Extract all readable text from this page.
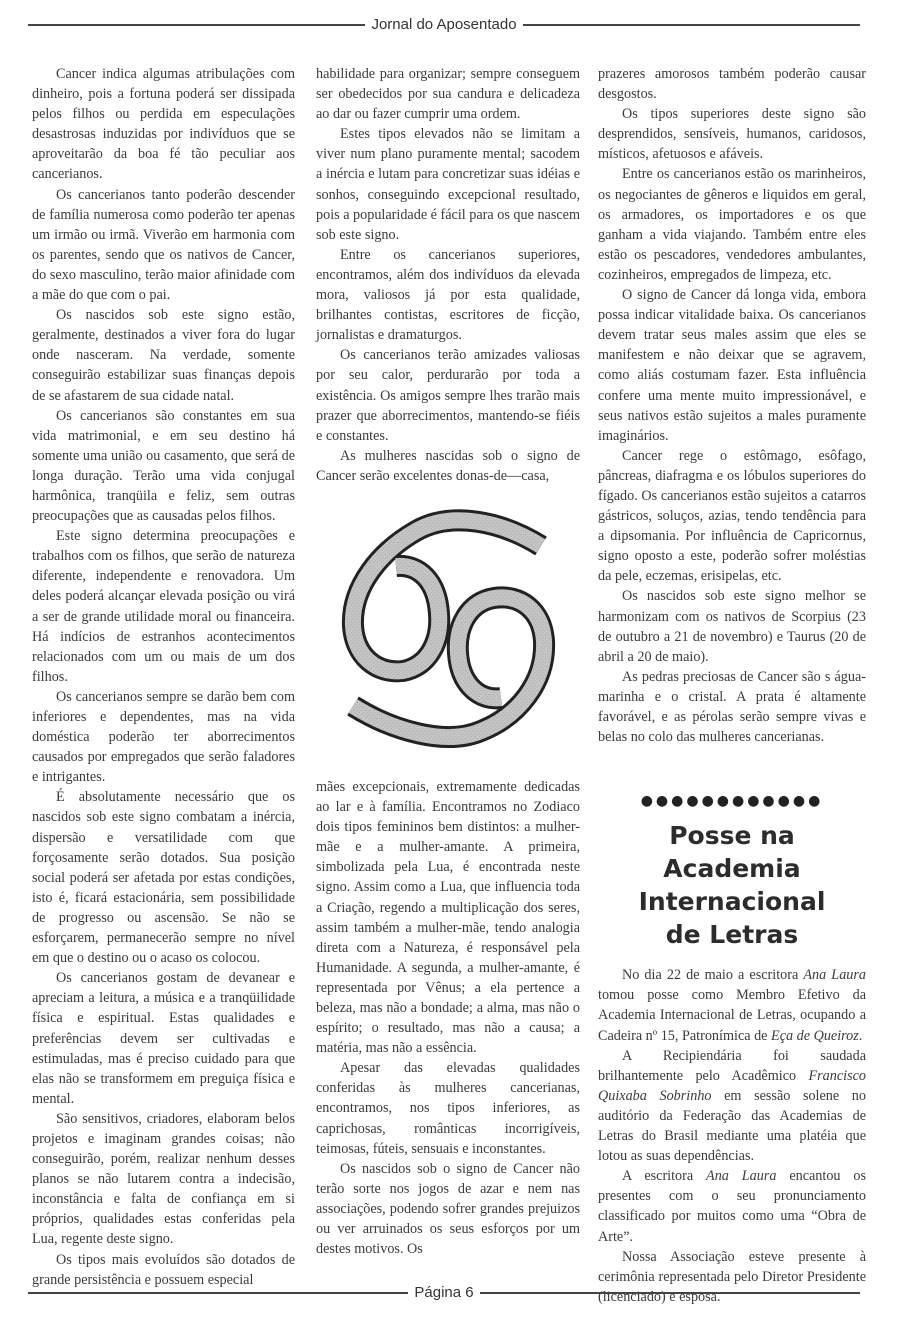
Jornal do Aposentado

Cancer indica algumas atribulações com dinheiro, pois a fortuna poderá ser dissipada pelos filhos ou perdida em especulações desastrosas induzidas por indivíduos que se aproveitarão da boa fé tão peculiar aos cancerianos.

Os cancerianos tanto poderão descender de família numerosa como poderão ter apenas um irmão ou irmã. Viverão em harmonia com os parentes, sendo que os nativos de Cancer, do sexo masculino, terão maior afinidade com a mãe do que com o pai.

Os nascidos sob este signo estão, geralmente, destinados a viver fora do lugar onde nasceram. Na verdade, somente conseguirão estabilizar suas finanças depois de se afastarem de sua cidade natal.

Os cancerianos são constantes em sua vida matrimonial, e em seu destino há somente uma união ou casamento, que será de longa duração. Terão uma vida conjugal harmônica, tranqüila e feliz, sem outras preocupações que as causadas pelos filhos.

Este signo determina preocupações e trabalhos com os filhos, que serão de natureza diferente, independente e renovadora. Um deles poderá alcançar elevada posição ou virá a ser de grande utilidade moral ou financeira. Há indícios de estranhos acontecimentos relacionados com um ou mais de um dos filhos.

Os cancerianos sempre se darão bem com inferiores e dependentes, mas na vida doméstica poderão ter aborrecimentos causados por empregados que serão faladores e intrigantes.

É absolutamente necessário que os nascidos sob este signo combatam a inércia, dispersão e versatilidade com que forçosamente serão dotados. Sua posição social poderá ser afetada por estas condições, isto é, ficará estacionária, sem possibilidade de progresso ou ascensão. Se não se esforçarem, permanecerão sempre no nível em que o destino ou o acaso os colocou.

Os cancerianos gostam de devanear e apreciam a leitura, a música e a tranqüilidade física e espiritual. Estas qualidades e preferências devem ser cultivadas e estimuladas, mas é preciso cuidado para que elas não se transformem em preguiça física e mental.

São sensitivos, criadores, elaboram belos projetos e imaginam grandes coisas; não conseguirão, porém, realizar nenhum desses planos se não lutarem contra a indecisão, inconstância e falta de confiança em si próprios, qualidades estas conferidas pela Lua, regente deste signo.

Os tipos mais evoluídos são dotados de grande persistência e possuem especial

habilidade para organizar; sempre conseguem ser obedecidos por sua candura e delicadeza ao dar ou fazer cumprir uma ordem.

Estes tipos elevados não se limitam a viver num plano puramente mental; sacodem a inércia e lutam para concretizar suas idéias e sonhos, conseguindo excepcional resultado, pois a popularidade é fácil para os que nascem sob este signo.

Entre os cancerianos superiores, encontramos, além dos indivíduos da elevada mora, valiosos já por esta qualidade, brilhantes contistas, escritores de ficção, jornalistas e dramaturgos.

Os cancerianos terão amizades valiosas por seu calor, perdurarão por toda a existência. Os amigos sempre lhes trarão mais prazer que aborrecimentos, mantendo-se fiéis e constantes.

As mulheres nascidas sob o signo de Cancer serão excelentes donas-de—casa,

mães excepcionais, extremamente dedicadas ao lar e à família. Encontramos no Zodiaco dois tipos femininos bem distintos: a mulher-mãe e a mulher-amante. A primeira, simbolizada pela Lua, é encontrada neste signo. Assim como a Lua, que influencia toda a Criação, regendo a multiplicação dos seres, assim também a mulher-mãe, tendo analogia direta com a Natureza, é responsável pela Humanidade. A segunda, a mulher-amante, é representada por Vênus; a ela pertence a beleza, mas não a bondade; a alma, mas não o espírito; o resultado, mas não a causa; a matéria, mas não a essência.

Apesar das elevadas qualidades conferidas às mulheres cancerianas, encontramos, nos tipos inferiores, as caprichosas, românticas incorrigíveis, teimosas, fúteis, sensuais e inconstantes.

Os nascidos sob o signo de Cancer não terão sorte nos jogos de azar e nem nas associações, podendo sofrer grandes prejuizos ou ver arruinados os seus esforços por um destes motivos. Os

prazeres amorosos também poderão causar desgostos.

Os tipos superiores deste signo são desprendidos, sensíveis, humanos, caridosos, místicos, afetuosos e afáveis.

Entre os cancerianos estão os marinheiros, os negociantes de gêneros e liquidos em geral, os armadores, os importadores e os que ganham a vida viajando. Também entre eles estão os pescadores, vendedores ambulantes, cozinheiros, empregados de limpeza, etc.

O signo de Cancer dá longa vida, embora possa indicar vitalidade baixa. Os cancerianos devem tratar seus males assim que eles se manifestem e não deixar que se agravem, como aliás costumam fazer. Esta influência confere uma mente muito impressionável, e seus nativos estão sujeitos a males puramente imaginários.

Cancer rege o estômago, esôfago, pâncreas, diafragma e os lóbulos superiores do fígado. Os cancerianos estão sujeitos a catarros gástricos, soluços, azias, tendo tendência para a dipsomania. Por influência de Capricornus, signo oposto a este, poderão sofrer moléstias da pele, eczemas, erisipelas, etc.

Os nascidos sob este signo melhor se harmonizam com os nativos de Scorpius (23 de outubro a 21 de novembro) e Taurus (20 de abril a 20 de maio).

As pedras preciosas de Cancer são s água-marinha e o cristal. A prata é altamente favorável, e as pérolas serão sempre vivas e belas no colo das mulheres cancerianas.

●●●●●●●●●●●●
Posse na Academia
Internacional
de Letras

No dia 22 de maio a escritora Ana Laura tomou posse como Membro Efetivo da Academia Internacional de Letras, ocupando a Cadeira nº 15, Patronímica de Eça de Queiroz.

A Recipiendária foi saudada brilhantemente pelo Acadêmico Francisco Quixaba Sobrinho em sessão solene no auditório da Federação das Academias de Letras do Brasil mediante uma platéia que lotou as suas dependências.

A escritora Ana Laura encantou os presentes com o seu pronunciamento classificado por muitos como uma “Obra de Arte”.

Nossa Associação esteve presente à cerimônia representada pelo Diretor Presidente (licenciado) e esposa.

Página 6
